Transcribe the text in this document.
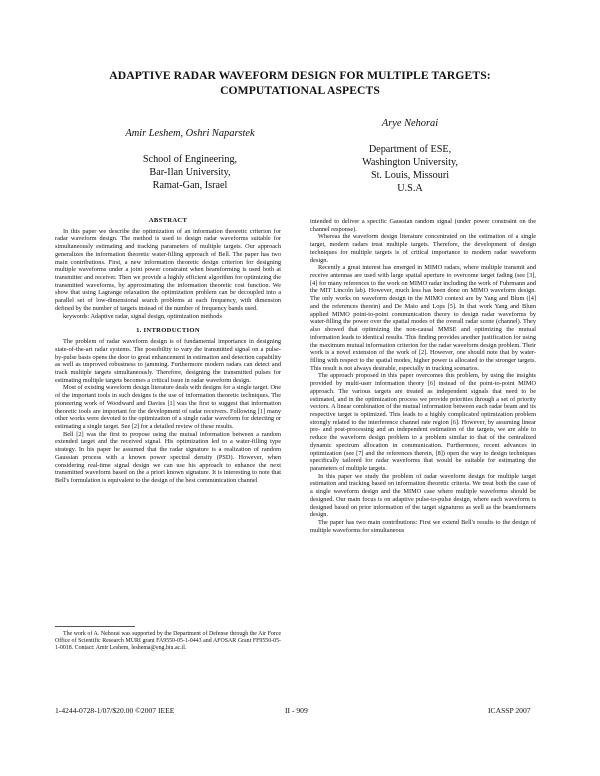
ADAPTIVE RADAR WAVEFORM DESIGN FOR MULTIPLE TARGETS:
COMPUTATIONAL ASPECTS
Amir Leshem, Oshri Naparstek
School of Engineering,
Bar-Ilan University,
Ramat-Gan, Israel
Arye Nehorai
Department of ESE,
Washington University,
St. Louis, Missouri
U.S.A
ABSTRACT

In this paper we describe the optimization of an information theoretic criterion for radar waveform design. The method is used to design radar waveforms suitable for simultaneously estimating and tracking parameters of multiple targets. Our approach generalizes the information theoretic water-filling approach of Bell. The paper has two main contributions. First, a new information theoretic design criterion for designing multiple waveforms under a joint power constraint when beamforming is used both at transmitter and receiver. Then we provide a highly efficient algorithm for optimizing the transmitted waveforms, by approximating the information theoretic cost function. We show that using Lagrange relaxation the optimization problem can be decoupled into a parallel set of low-dimensional search problems at each frequency, with dimension defined by the number of targets instead of the number of frequency bands used.

keywords: Adaptive radar, signal design, optimization methods

1. INTRODUCTION

The problem of radar waveform design is of fundamental importance in designing state-of-the-art radar systems. The possibility to vary the transmitted signal on a pulse-by-pulse basis opens the door to great enhancement in estimation and detection capability as well as improved robustness to jamming. Furthermore modern radars can detect and track multiple targets simultaneously. Therefore, designing the transmitted pulses for estimating multiple targets becomes a critical issue in radar waveform design.

Most of existing waveform design literature deals with designs for a single target. One of the important tools in such designs is the use of information theoretic techniques. The pioneering work of Woodward and Davies [1] was the first to suggest that information theoretic tools are important for the development of radar receivers. Following [1] many other works were devoted to the optimization of a single radar waveform for detecting or estimating a single target. See [2] for a detailed review of these results.

Bell [2] was the first to propose using the mutual information between a random extended target and the received signal. His optimization led to a water-filling type strategy. In his paper he assumed that the radar signature is a realization of random Gaussian process with a known power spectral density (PSD). However, when considering real-time signal design we can use his approach to enhance the next transmitted waveform based on the a priori known signature. It is interesting to note that Bell's formulation is equivalent to the design of the best communication channel

The work of A. Nehorai was supported by the Department of Defense through the Air Force Office of Scientific Research MURI grant FA9550-05-1-0443 and AFOSAR Grant FF9550-05-1-0018. Contact: Amir Leshem, leshema@eng.biu.ac.il.

intended to deliver a specific Gaussian random signal (under power constraint on the channel response).

Whereas the waveform design literature concentrated on the estimation of a single target, modern radars treat multiple targets. Therefore, the development of design techniques for multiple targets is of critical importance to modern radar waveform design.

Recently a great interest has emerged in MIMO radars, where multiple transmit and receive antennas are used with large spatial aperture to overcome target fading (see [3], [4] for many references to the work on MIMO radar including the work of Fuhrmann and the MIT Lincoln lab). However, much less has been done on MIMO waveform design. The only works on waveform design in the MIMO context are by Yang and Blum ([4] and the references therein) and De Maio and Lops [5]. In that work Yang and Blum applied MIMO point-to-point communication theory to design radar waveforms by water-filling the power over the spatial modes of the overall radar scene (channel). They also showed that optimizing the non-causal MMSE and optimizing the mutual information leads to identical results. This finding provides another justification for using the maximum mutual information criterion for the radar waveform design problem. Their work is a novel extension of the work of [2]. However, one should note that by water-filling with respect to the spatial modes, higher power is allocated to the stronger targets. This result is not always desirable, especially in tracking scenarios.

The approach proposed in this paper overcomes this problem, by using the insights provided by multi-user information theory [6] instead of the point-to-point MIMO approach. The various targets are treated as independent signals that need to be estimated, and in the optimization process we provide priorities through a set of priority vectors. A linear combination of the mutual information between each radar beam and its respective target is optimized. This leads to a highly complicated optimization problem strongly related to the interference channel rate region [6]. However, by assuming linear pre- and post-processing and an independent estimation of the targets, we are able to reduce the waveform design problem to a problem similar to that of the centralized dynamic spectrum allocation in communication. Furthermore, recent advances in optimization (see [7] and the references therein, [8]) open the way to design techniques specifically tailored for radar waveforms that would be suitable for estimating the parameters of multiple targets.

In this paper we study the problem of radar waveform design for multiple target estimation and tracking based on information theoretic criteria. We treat both the case of a single waveform design and the MIMO case where multiple waveforms should be designed. Our main focus is on adaptive pulse-to-pulse design, where each waveform is designed based on prior information of the target signatures as well as the beamformers design.

The paper has two main contributions: First we extend Bell's results to the design of multiple waveforms for simultaneous

1-4244-0728-1/07/$20.00 ©2007 IEEE	II - 909	ICASSP 2007
